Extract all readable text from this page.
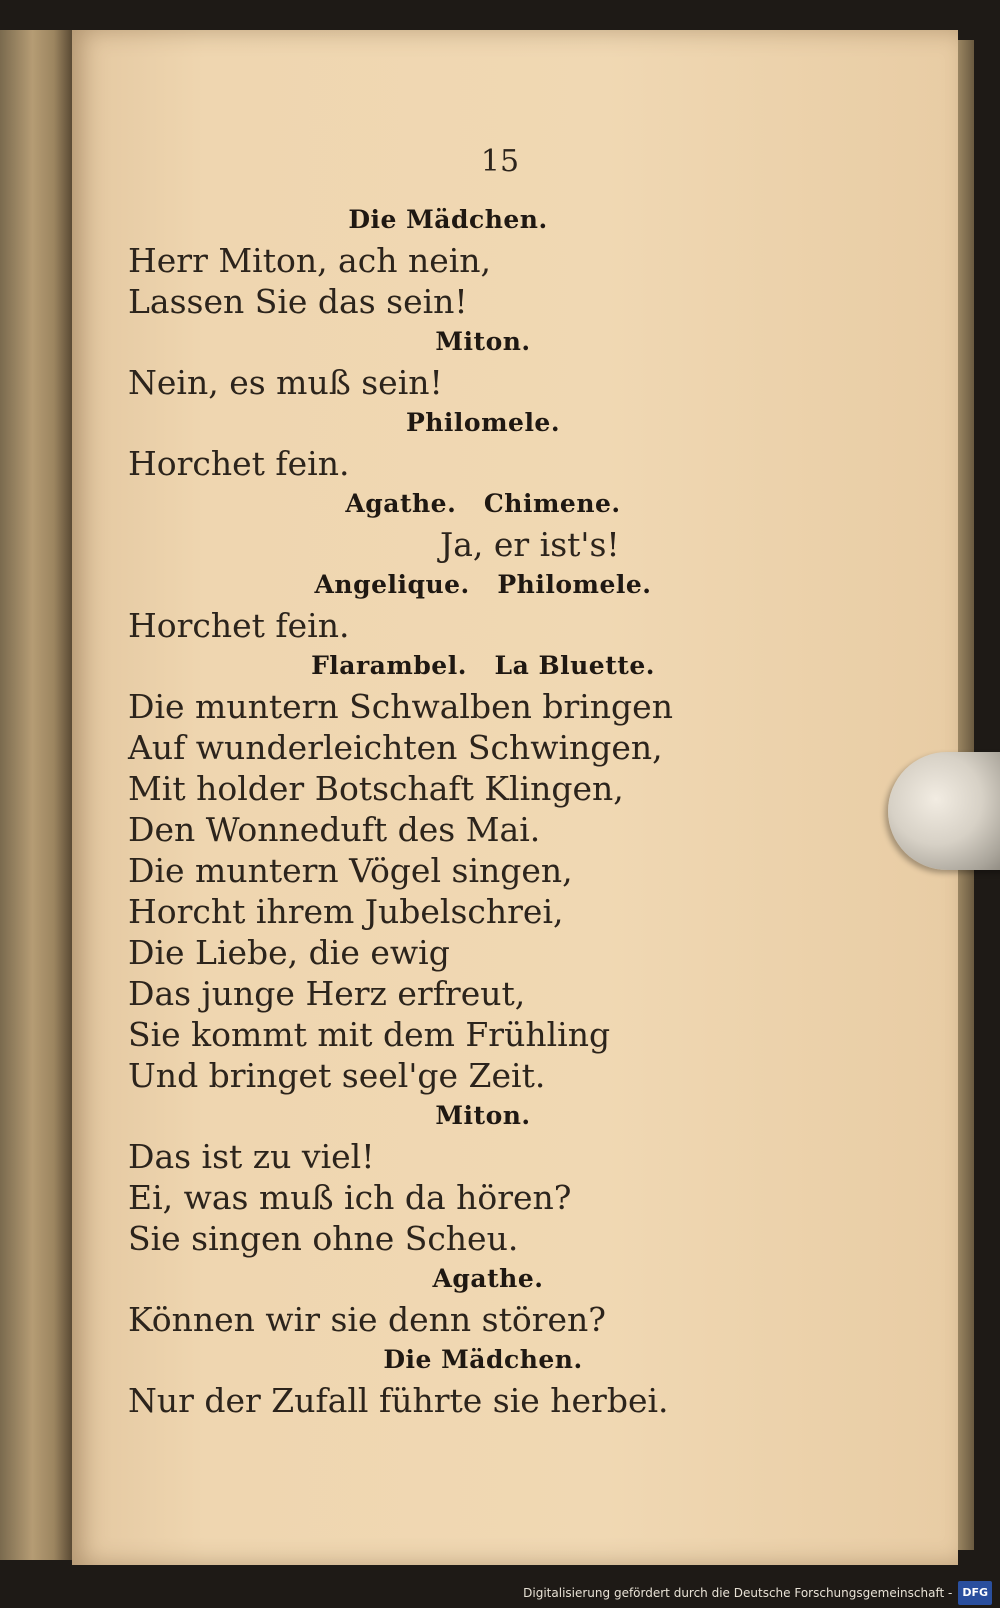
15
Die Mädchen.
Herr Miton, ach nein,
Lassen Sie das sein!
Miton.
Nein, es muß sein!
Philomele.
Horchet fein.
Agathe.   Chimene.
Ja, er ist's!
Angelique.   Philomele.
Horchet fein.
Flarambel.   La Bluette.
Die muntern Schwalben bringen
Auf wunderleichten Schwingen,
Mit holder Botschaft Klingen,
Den Wonneduft des Mai.
Die muntern Vögel singen,
Horcht ihrem Jubelschrei,
Die Liebe, die ewig
Das junge Herz erfreut,
Sie kommt mit dem Frühling
Und bringet seel'ge Zeit.
Miton.
Das ist zu viel!
Ei, was muß ich da hören?
Sie singen ohne Scheu.
Agathe.
Können wir sie denn stören?
Die Mädchen.
Nur der Zufall führte sie herbei.
Digitalisierung gefördert durch die Deutsche Forschungsgemeinschaft - DFG
